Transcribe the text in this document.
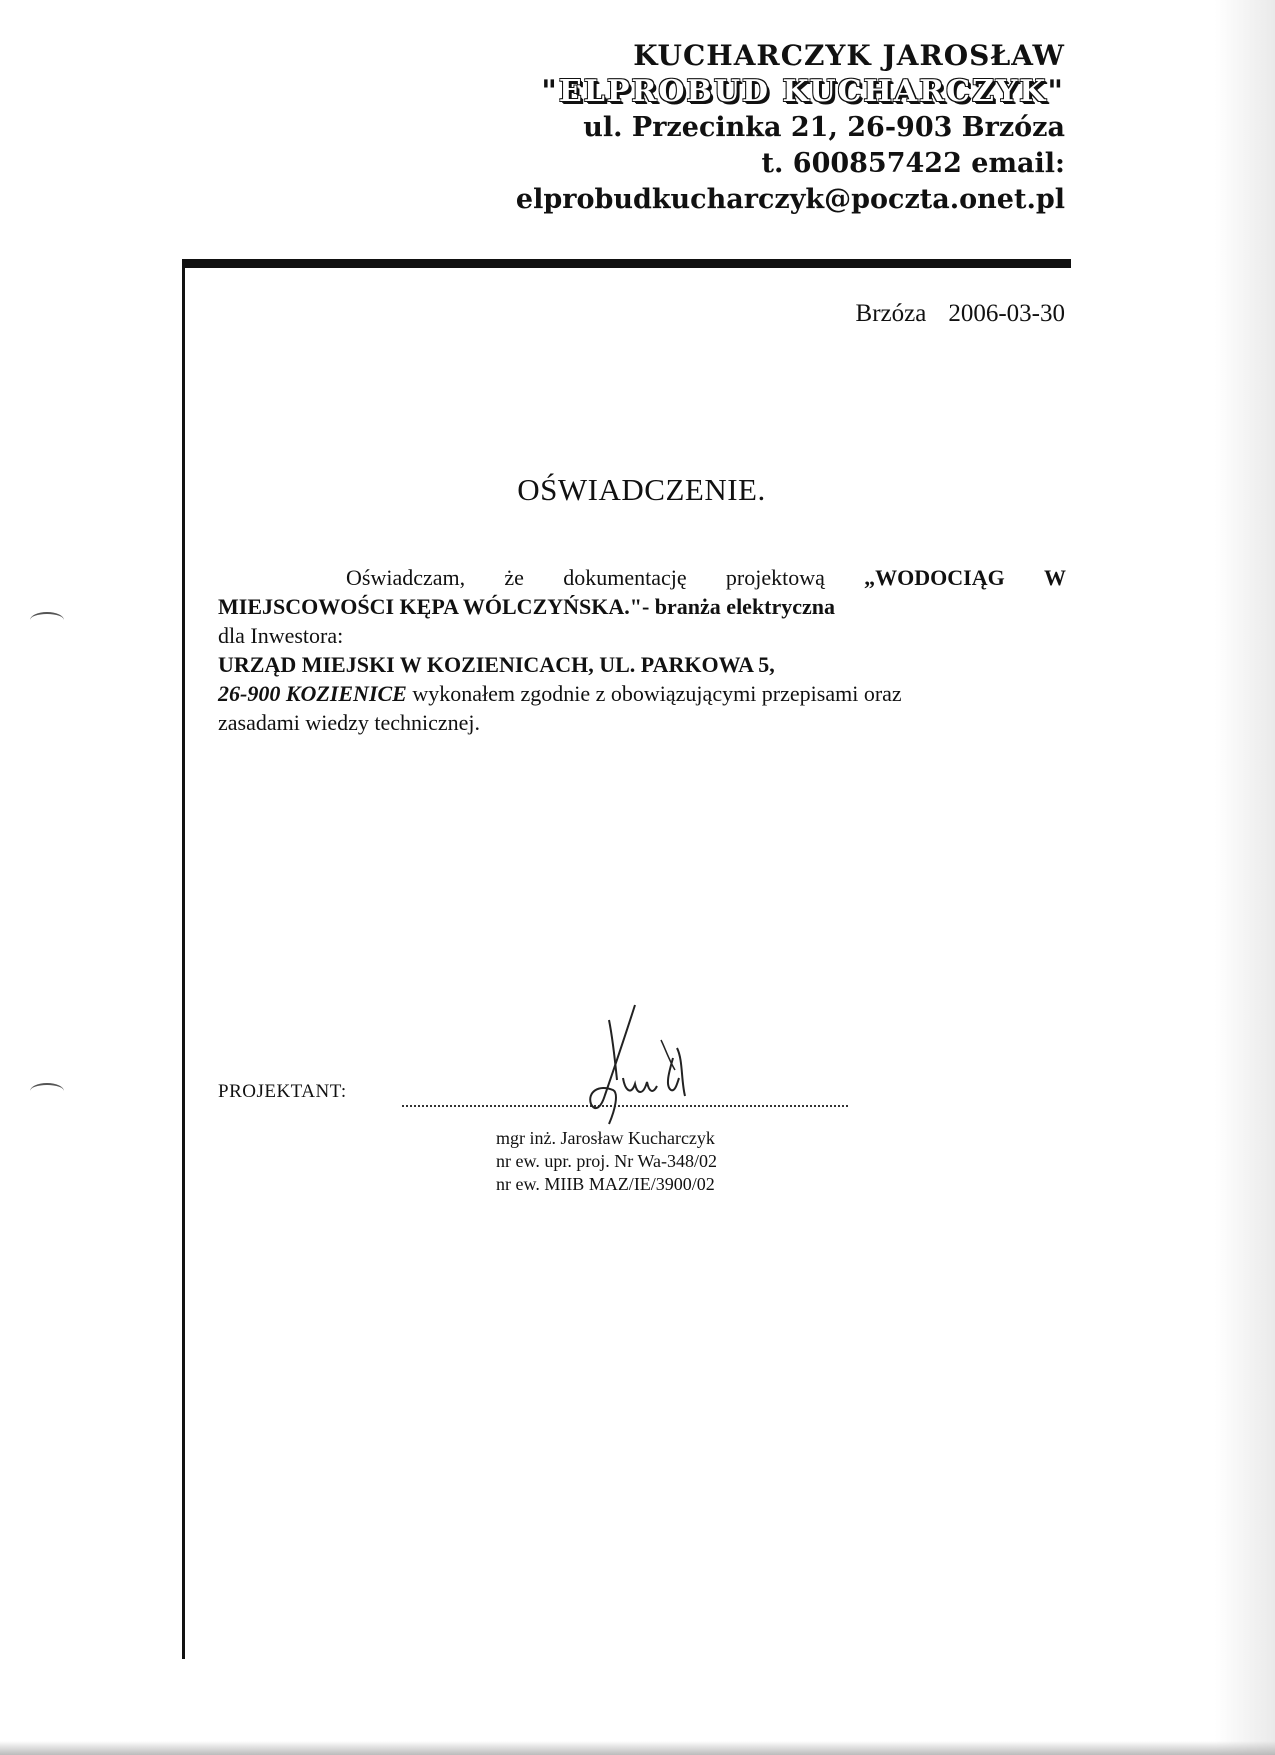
KUCHARCZYK JAROSŁAW
"ELPROBUD KUCHARCZYK"
ul. Przecinka 21, 26-903 Brzóza
t. 600857422 email:
elprobudkucharczyk@poczta.onet.pl
Brzóza 2006-03-30
OŚWIADCZENIE.
Oświadczam, że dokumentację projektową „WODOCIĄG W
MIEJSCOWOŚCI KĘPA WÓLCZYŃSKA."- branża elektryczna
dla Inwestora:
URZĄD MIEJSKI W KOZIENICACH, UL. PARKOWA 5,
26-900 KOZIENICE wykonałem zgodnie z obowiązującymi przepisami oraz
zasadami wiedzy technicznej.
PROJEKTANT:
mgr inż. Jarosław Kucharczyk
nr ew. upr. proj. Nr Wa-348/02
nr ew. MIIB MAZ/IE/3900/02
